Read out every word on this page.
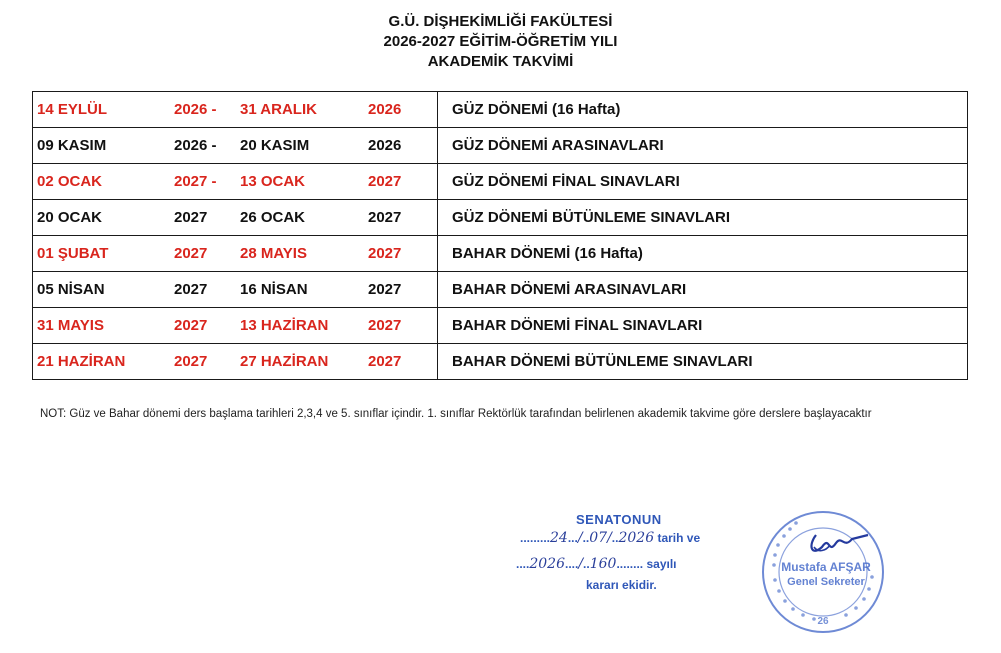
G.Ü. DİŞHEKİMLİĞİ FAKÜLTESİ
2026-2027 EĞİTİM-ÖĞRETİM YILI
AKADEMİK TAKVİMİ
14 EYLÜL 2026 - 31 ARALIK 2026	GÜZ DÖNEMİ (16 Hafta)

09 KASIM 2026 - 20 KASIM 2026	GÜZ DÖNEMİ ARASINAVLARI

02 OCAK 2027 - 13 OCAK 2027	GÜZ DÖNEMİ FİNAL SINAVLARI

20 OCAK 2027 26 OCAK 2027	GÜZ DÖNEMİ BÜTÜNLEME SINAVLARI

01 ŞUBAT 2027 28 MAYIS 2027	BAHAR DÖNEMİ (16 Hafta)

05 NİSAN 2027 16 NİSAN 2027	BAHAR DÖNEMİ ARASINAVLARI

31 MAYIS 2027 13 HAZİRAN 2027	BAHAR DÖNEMİ FİNAL SINAVLARI

21 HAZİRAN 2027 27 HAZİRAN 2027	BAHAR DÖNEMİ BÜTÜNLEME SINAVLARI
NOT: Güz ve Bahar dönemi ders başlama tarihleri 2,3,4 ve 5. sınıflar içindir. 1. sınıflar Rektörlük tarafından belirlenen akademik takvime göre derslere başlayacaktır
SENATONUN
.........24.../..07/..2026 tarih ve
....2026..../..160........ sayılı
kararı ekidir.
Mustafa AFŞAR
Genel Sekreter
26
